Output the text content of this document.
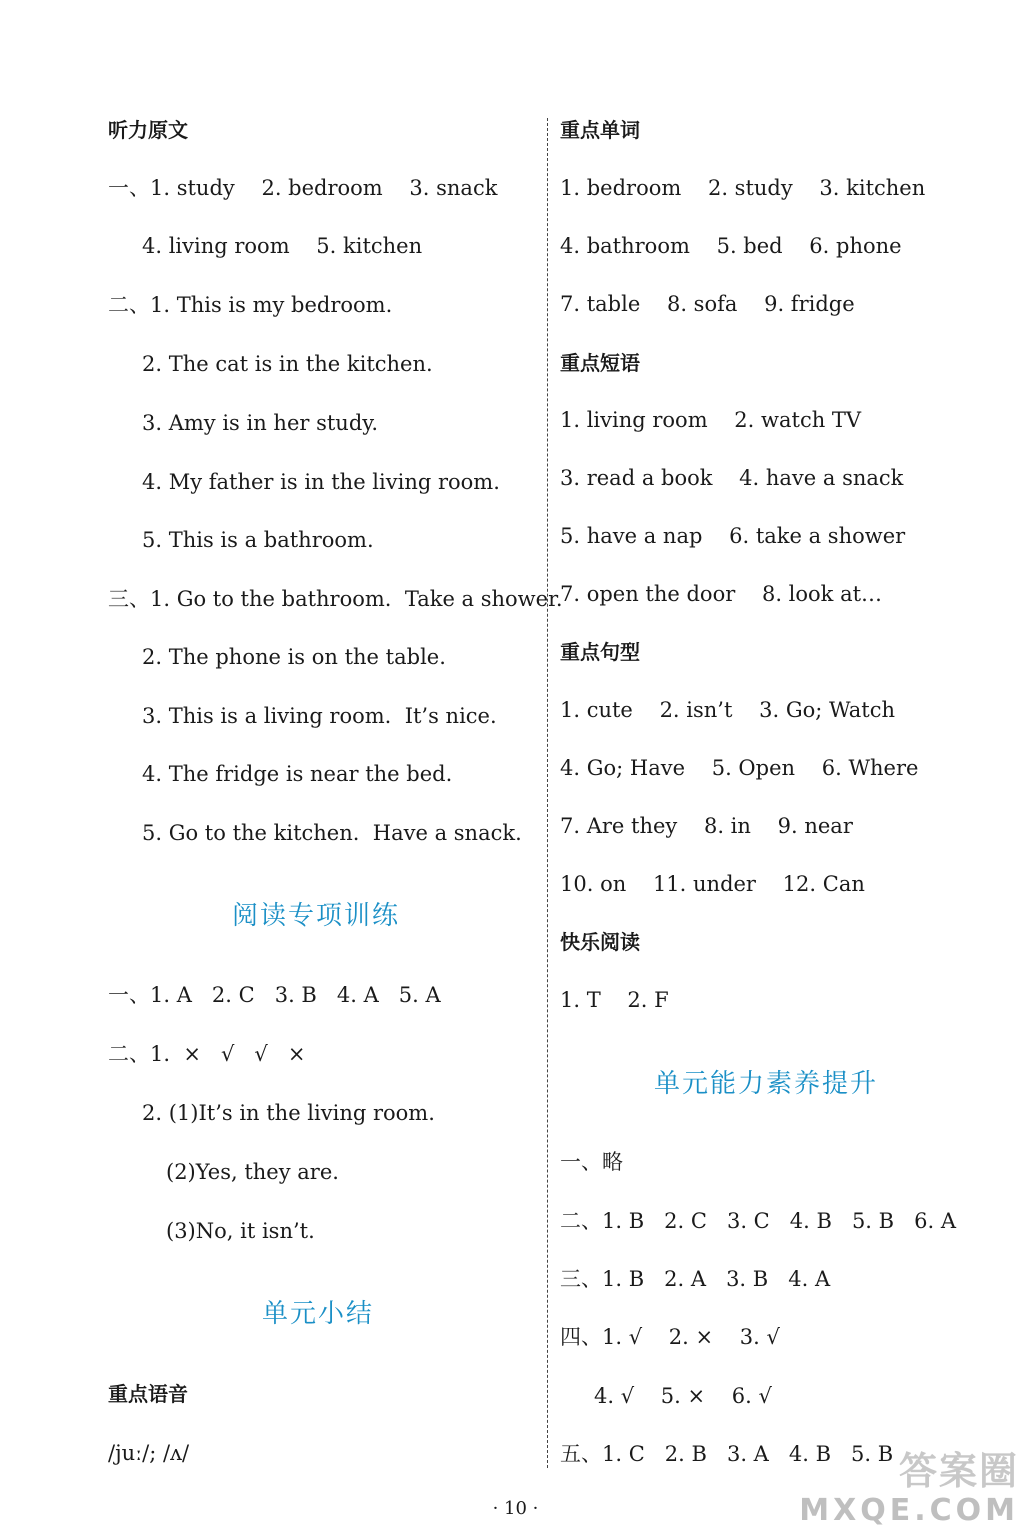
听力原文
一、1. study    2. bedroom    3. snack
4. living room    5. kitchen
二、1. This is my bedroom.
2. The cat is in the kitchen.
3. Amy is in her study.
4. My father is in the living room.
5. This is a bathroom.
三、1. Go to the bathroom.  Take a shower.
2. The phone is on the table.
3. This is a living room.  It’s nice.
4. The fridge is near the bed.
5. Go to the kitchen.  Have a snack.
阅读专项训练
一、1. A   2. C   3. B   4. A   5. A
二、1.  ×   √   √   ×
2. (1)It’s in the living room.
(2)Yes, they are.
(3)No, it isn’t.
单元小结
重点语音
/juː/; /ʌ/
重点单词
1. bedroom    2. study    3. kitchen
4. bathroom    5. bed    6. phone
7. table    8. sofa    9. fridge
重点短语
1. living room    2. watch TV
3. read a book    4. have a snack
5. have a nap    6. take a shower
7. open the door    8. look at…
重点句型
1. cute    2. isn’t    3. Go; Watch
4. Go; Have    5. Open    6. Where
7. Are they    8. in    9. near
10. on    11. under    12. Can
快乐阅读
1. T    2. F
单元能力素养提升
一、略
二、1. B   2. C   3. C   4. B   5. B   6. A
三、1. B   2. A   3. B   4. A
四、1. √    2. ×    3. √
4. √    5. ×    6. √
五、1. C   2. B   3. A   4. B   5. B
· 10 ·
答案圈
MXQE.COM
